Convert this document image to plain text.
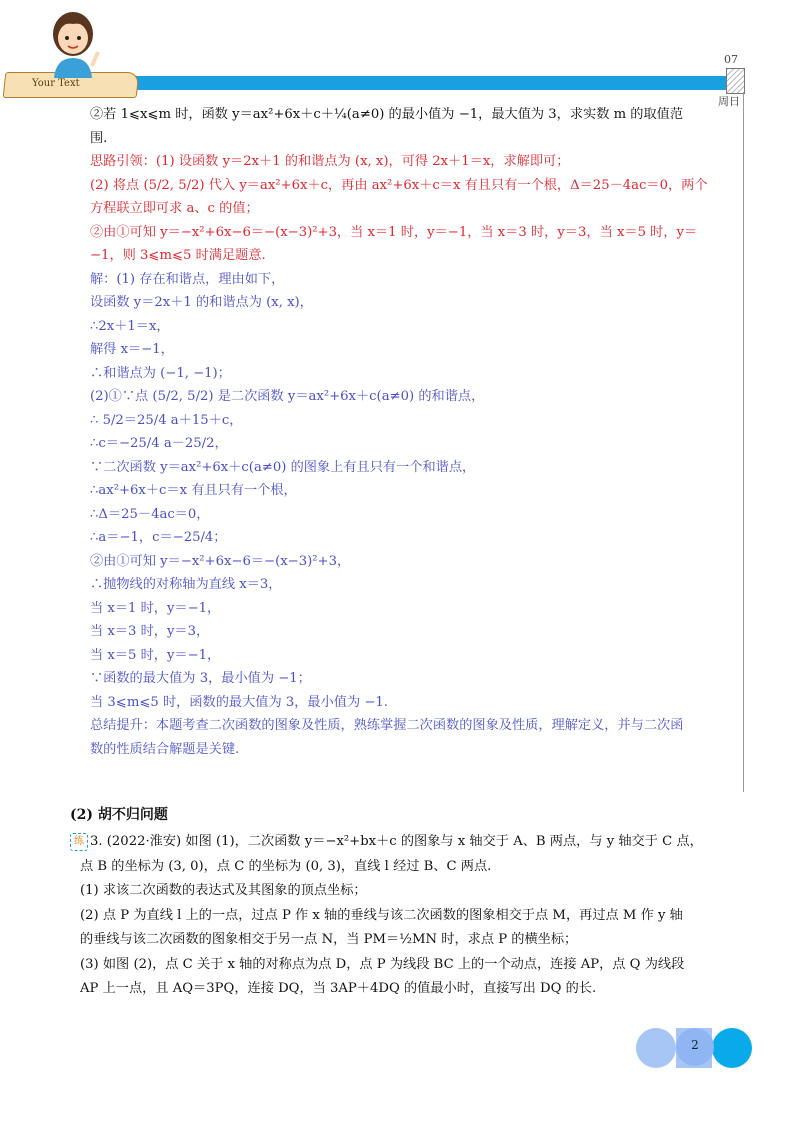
Your Text
07
周日
②若 1⩽x⩽m 时，函数 y＝ax²+6x＋c＋¼(a≠0) 的最小值为 −1，最大值为 3，求实数 m 的取值范
围.
思路引领：(1) 设函数 y＝2x＋1 的和谐点为 (x, x)，可得 2x＋1＝x，求解即可；
(2) 将点 (5/2, 5/2) 代入 y＝ax²+6x＋c，再由 ax²+6x＋c＝x 有且只有一个根，Δ＝25－4ac＝0，两个
方程联立即可求 a、c 的值；
②由①可知 y＝−x²+6x−6＝−(x−3)²+3，当 x＝1 时，y＝−1，当 x＝3 时，y＝3，当 x＝5 时，y＝
−1，则 3⩽m⩽5 时满足题意.
解：(1) 存在和谐点，理由如下，
设函数 y＝2x＋1 的和谐点为 (x, x)，
∴2x＋1＝x，
解得 x＝−1，
∴和谐点为 (−1, −1)；
(2)①∵点 (5/2, 5/2) 是二次函数 y＝ax²+6x＋c(a≠0) 的和谐点，
∴ 5/2＝25/4 a＋15＋c，
∴c＝−25/4 a－25/2，
∵二次函数 y＝ax²+6x＋c(a≠0) 的图象上有且只有一个和谐点，
∴ax²+6x＋c＝x 有且只有一个根，
∴Δ＝25－4ac＝0，
∴a＝−1，c＝−25/4；
②由①可知 y＝−x²+6x−6＝−(x−3)²+3，
∴抛物线的对称轴为直线 x＝3，
当 x＝1 时，y＝−1，
当 x＝3 时，y＝3，
当 x＝5 时，y＝−1，
∵函数的最大值为 3，最小值为 −1；
当 3⩽m⩽5 时，函数的最大值为 3，最小值为 −1.
总结提升：本题考查二次函数的图象及性质，熟练掌握二次函数的图象及性质，理解定义，并与二次函
数的性质结合解题是关键.
(2) 胡不归问题
练 3. (2022·淮安) 如图 (1)，二次函数 y＝−x²+bx＋c 的图象与 x 轴交于 A、B 两点，与 y 轴交于 C 点，
点 B 的坐标为 (3, 0)，点 C 的坐标为 (0, 3)，直线 l 经过 B、C 两点.
(1) 求该二次函数的表达式及其图象的顶点坐标；
(2) 点 P 为直线 l 上的一点，过点 P 作 x 轴的垂线与该二次函数的图象相交于点 M，再过点 M 作 y 轴
的垂线与该二次函数的图象相交于另一点 N，当 PM＝½MN 时，求点 P 的横坐标；
(3) 如图 (2)，点 C 关于 x 轴的对称点为点 D，点 P 为线段 BC 上的一个动点，连接 AP，点 Q 为线段
AP 上一点，且 AQ＝3PQ，连接 DQ，当 3AP＋4DQ 的值最小时，直接写出 DQ 的长.
2
